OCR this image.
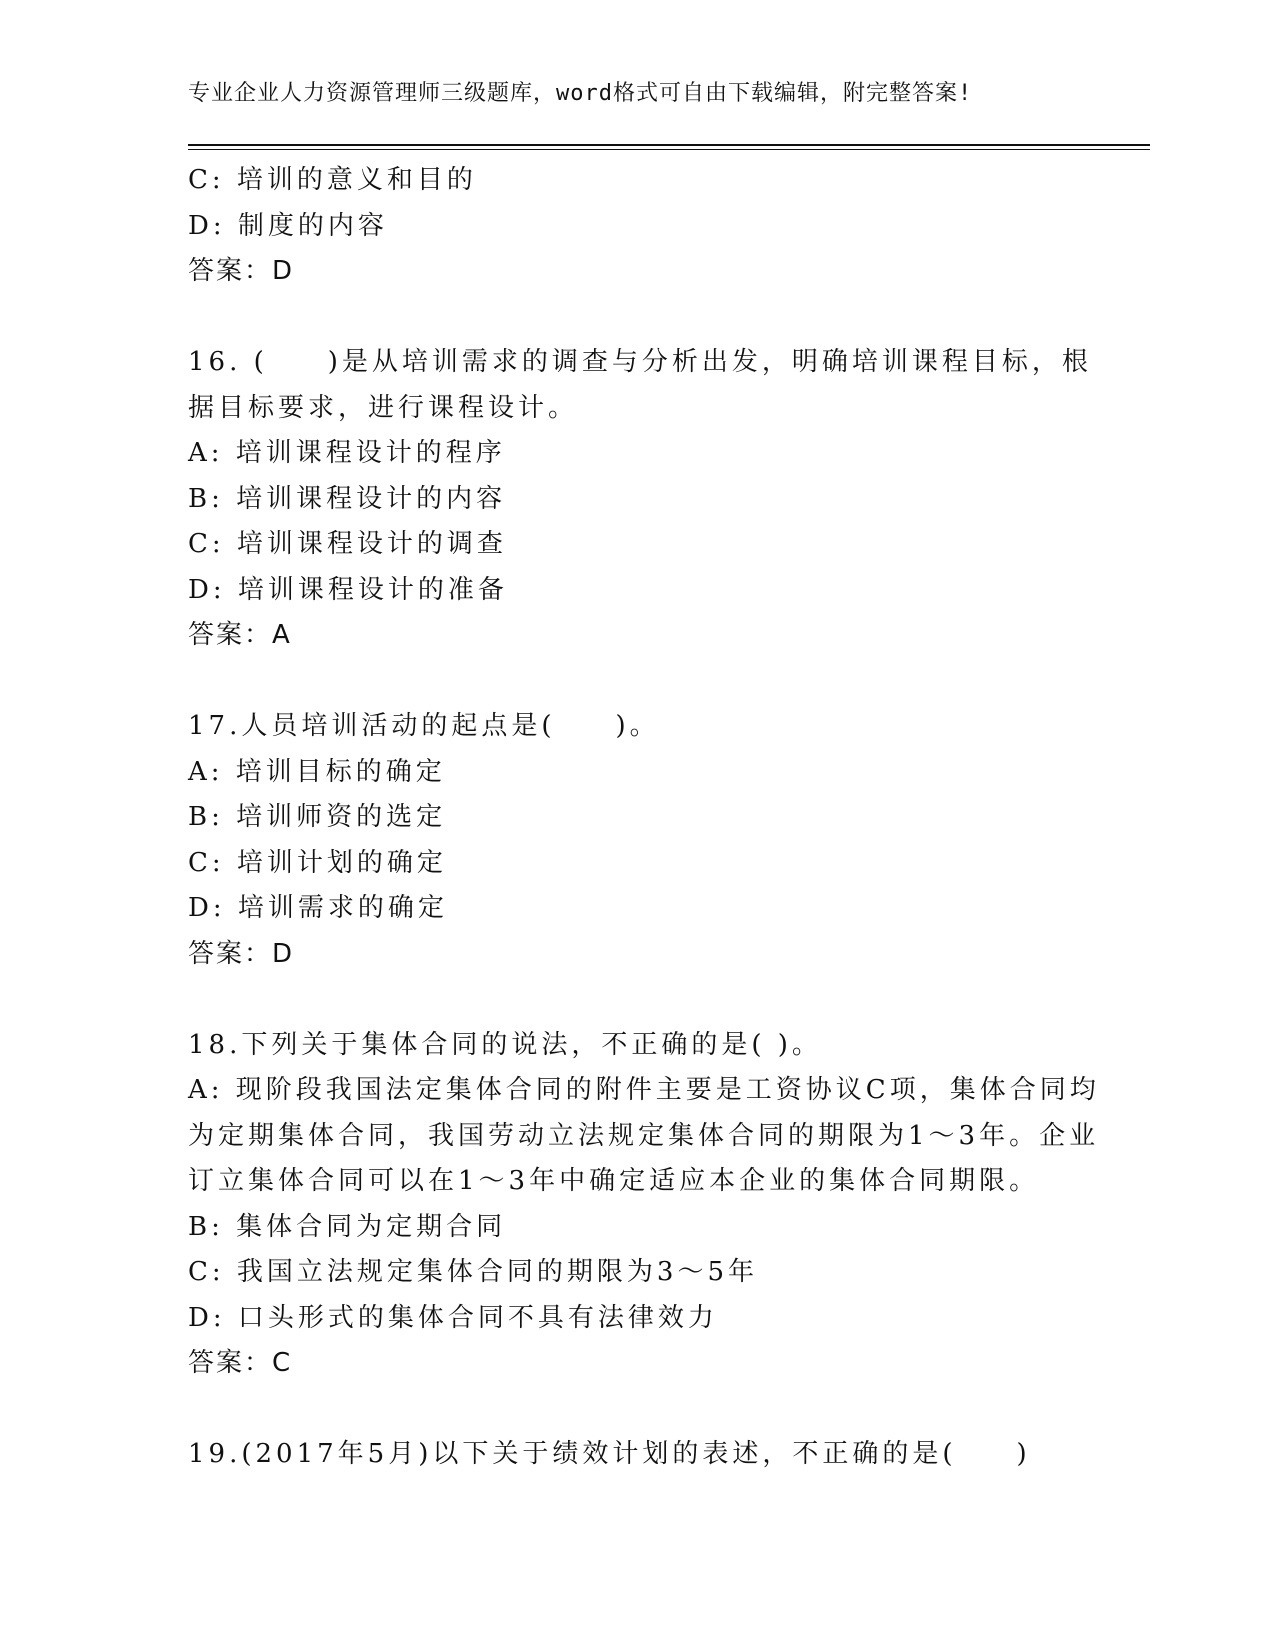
专业企业人力资源管理师三级题库，word格式可自由下载编辑，附完整答案!
C: 培训的意义和目的
D: 制度的内容
答案：D
16. (　　)是从培训需求的调查与分析出发，明确培训课程目标，根
据目标要求，进行课程设计。
A: 培训课程设计的程序
B: 培训课程设计的内容
C: 培训课程设计的调查
D: 培训课程设计的准备
答案：A
17.人员培训活动的起点是(　　)。
A: 培训目标的确定
B: 培训师资的选定
C: 培训计划的确定
D: 培训需求的确定
答案：D
18.下列关于集体合同的说法，不正确的是( )。
A: 现阶段我国法定集体合同的附件主要是工资协议C项，集体合同均
为定期集体合同，我国劳动立法规定集体合同的期限为1～3年。企业
订立集体合同可以在1～3年中确定适应本企业的集体合同期限。
B: 集体合同为定期合同
C: 我国立法规定集体合同的期限为3～5年
D: 口头形式的集体合同不具有法律效力
答案：C
19.(2017年5月)以下关于绩效计划的表述，不正确的是(　　)
